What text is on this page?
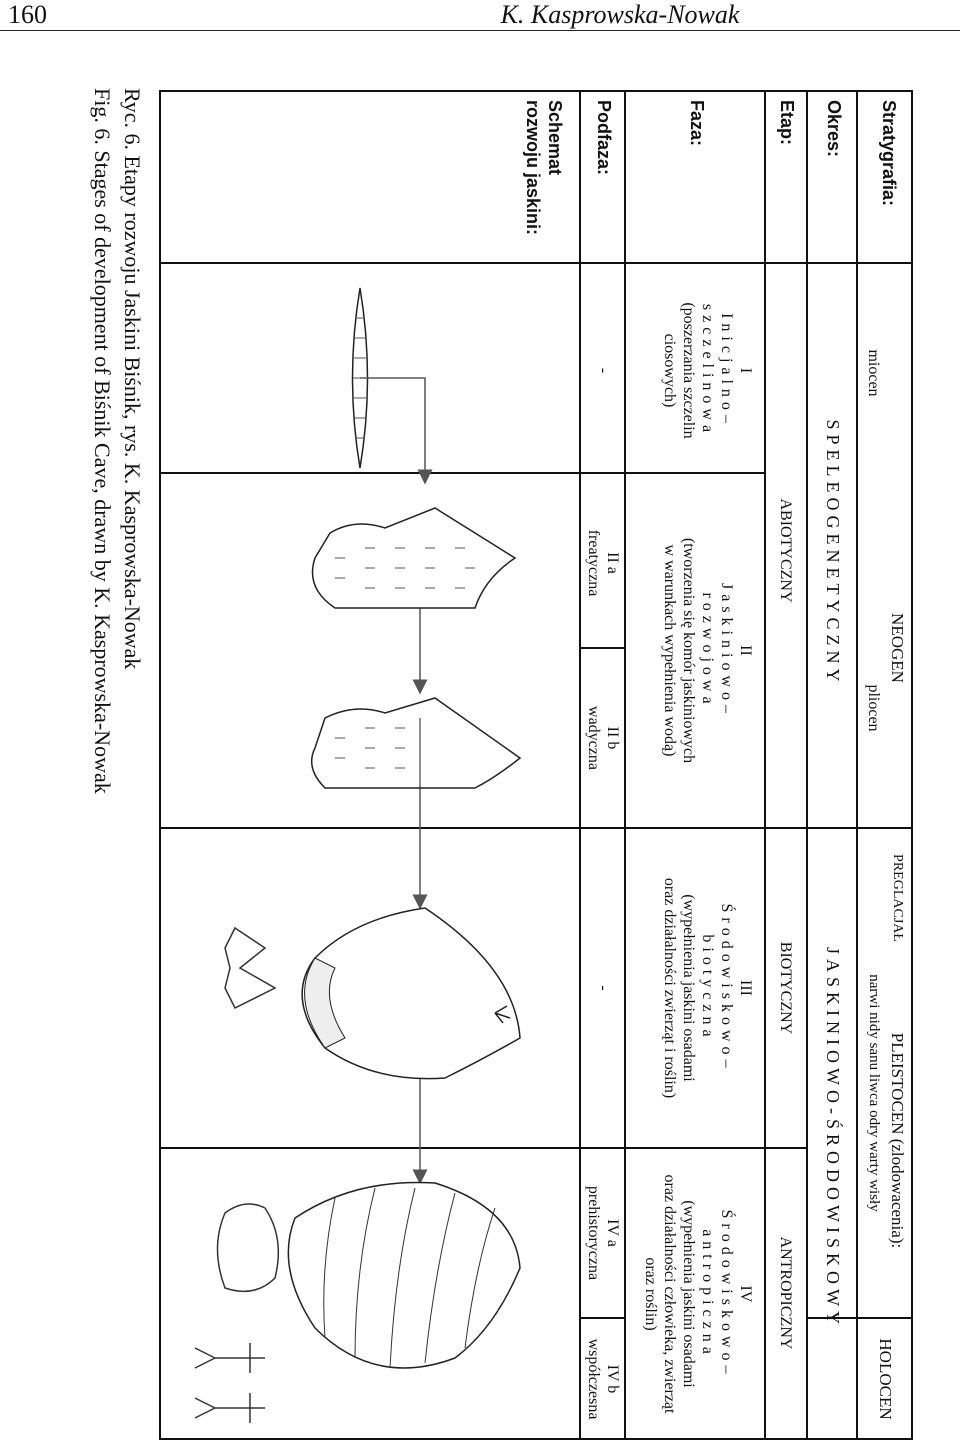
160	K. Kasprowska-Nowak
Ryc. 6. Etapy rozwoju Jaskini Biśnik, rys. K. Kasprowska-Nowak
Fig. 6. Stages of development of Biśnik Cave, drawn by K. Kasprowska-Nowak	Stratygrafia:
Okres:
Etap:
Faza:
Podfaza:
Schemat
rozwoju jaskini:
NEOGEN
miocen
pliocen
PREGLACJAŁ
PLEISTOCEN (zlodowacenia):
narwi nidy sanu liwca odry warty wisły
HOLOCEN
SPELEOGENETYCZNY
JASKINIOWO-ŚRODOWISKOWY
ABIOTYCZNY
BIOTYCZNY
ANTROPICZNY
I
Inicjalno–
szczelinowa
(poszerzania szczelin
ciosowych)
II
Jaskiniowo–
rozwojowa
(tworzenia się komór jaskiniowych
w warunkach wypełnienia wodą)
III
Środowiskowo–
biotyczna
(wypełnienia jaskini osadami
oraz działalności zwierząt i roślin)
IV
Środowiskowo–
antropiczna
(wypełnienia jaskini osadami
oraz działalności człowieka, zwierząt
oraz roślin)
-
II a
freatyczna
II b
wadyczna
-
IV a
prehistoryczna
IV b
współczesna
